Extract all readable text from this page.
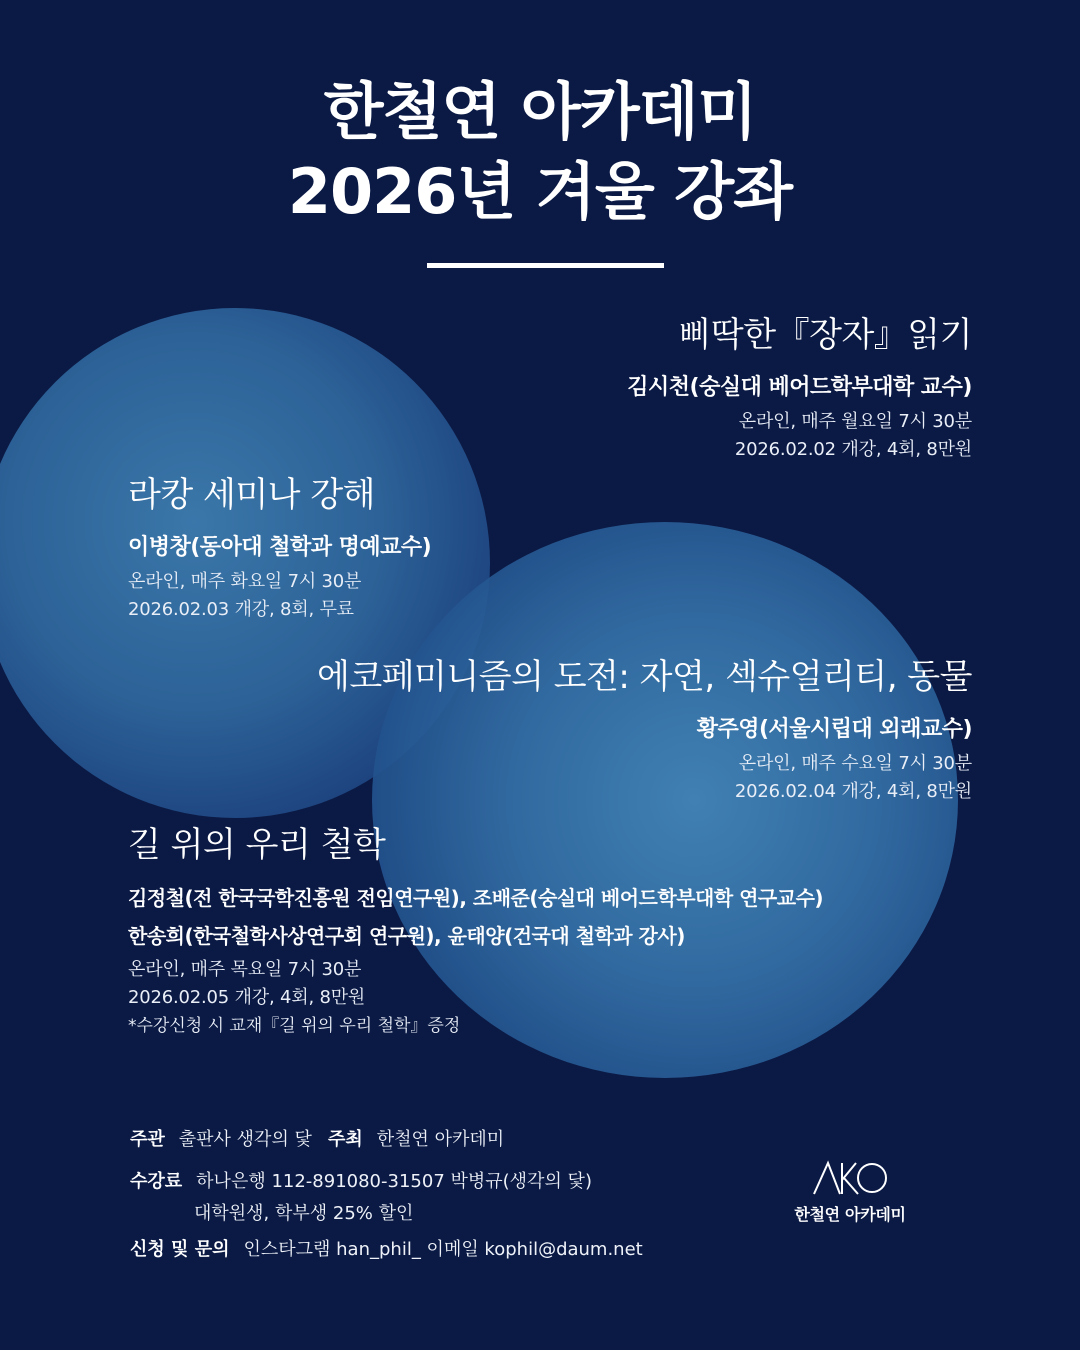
한철연 아카데미
2026년 겨울 강좌
삐딱한『장자』읽기
김시천(숭실대 베어드학부대학 교수)
온라인, 매주 월요일 7시 30분
2026.02.02 개강, 4회, 8만원
라캉 세미나 강해
이병창(동아대 철학과 명예교수)
온라인, 매주 화요일 7시 30분
2026.02.03 개강, 8회, 무료
에코페미니즘의 도전: 자연, 섹슈얼리티, 동물
황주영(서울시립대 외래교수)
온라인, 매주 수요일 7시 30분
2026.02.04 개강, 4회, 8만원
길 위의 우리 철학
김정철(전 한국국학진흥원 전임연구원), 조배준(숭실대 베어드학부대학 연구교수)
한송희(한국철학사상연구회 연구원), 윤태양(건국대 철학과 강사)
온라인, 매주 목요일 7시 30분
2026.02.05 개강, 4회, 8만원
*수강신청 시 교재『길 위의 우리 철학』증정
주관 출판사 생각의 닻 주최 한철연 아카데미
수강료 하나은행 112-891080-31507 박병규(생각의 닻)
대학원생, 학부생 25% 할인
신청 및 문의 인스타그램 han_phil_ 이메일 kophil@daum.net
한철연 아카데미
